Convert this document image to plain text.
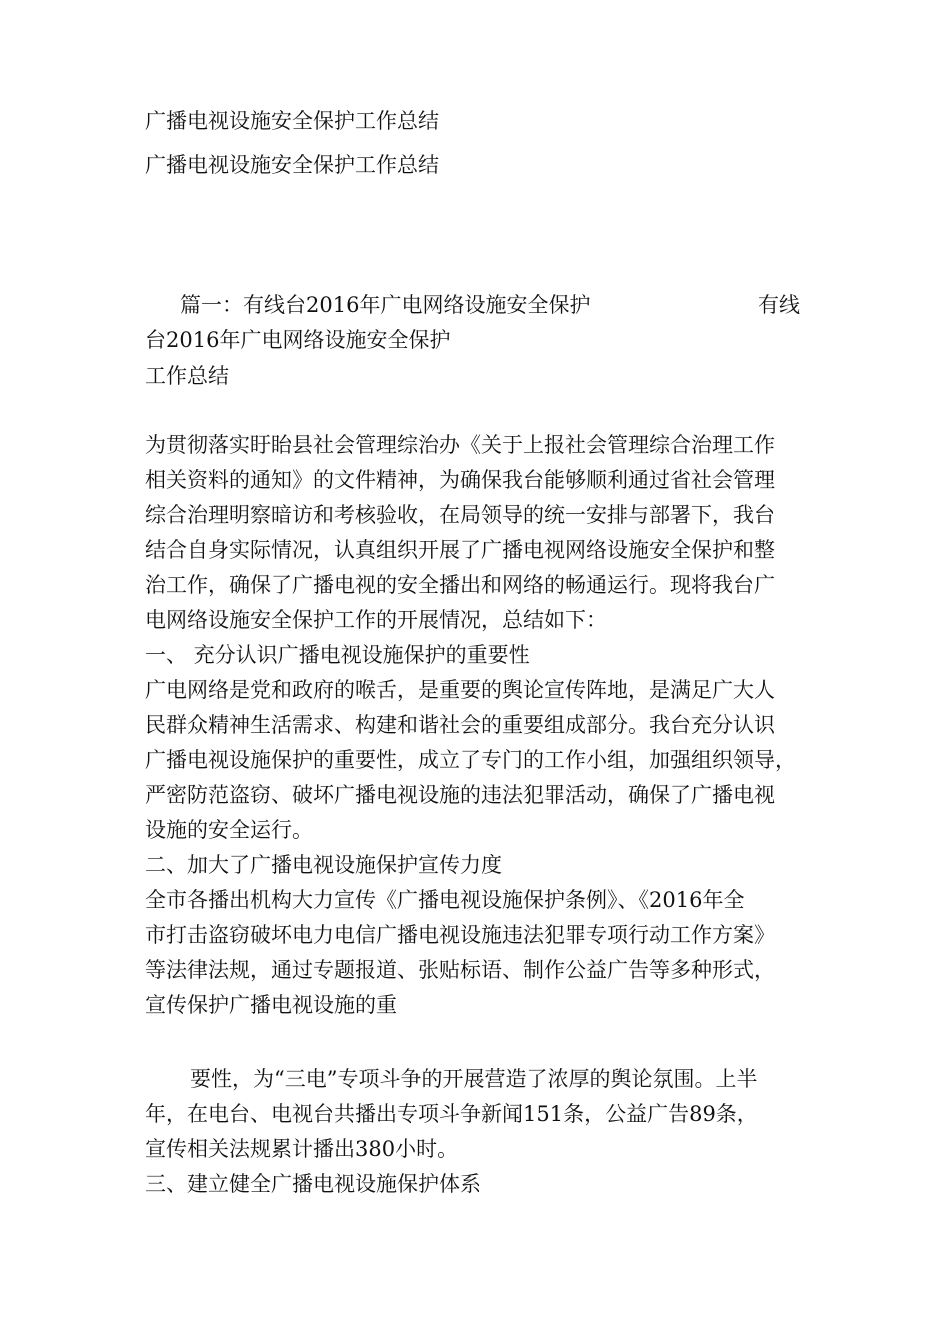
广播电视设施安全保护工作总结

广播电视设施安全保护工作总结

篇一：有线台2016年广电网络设施安全保护	有线

台2016年广电网络设施安全保护

工作总结

为贯彻落实盱眙县社会管理综治办《关于上报社会管理综合治理工作

相关资料的通知》的文件精神，为确保我台能够顺利通过省社会管理

综合治理明察暗访和考核验收，在局领导的统一安排与部署下，我台

结合自身实际情况，认真组织开展了广播电视网络设施安全保护和整

治工作，确保了广播电视的安全播出和网络的畅通运行。现将我台广

电网络设施安全保护工作的开展情况，总结如下：

一、 充分认识广播电视设施保护的重要性

广电网络是党和政府的喉舌，是重要的舆论宣传阵地，是满足广大人

民群众精神生活需求、构建和谐社会的重要组成部分。我台充分认识

广播电视设施保护的重要性，成立了专门的工作小组，加强组织领导，

严密防范盗窃、破坏广播电视设施的违法犯罪活动，确保了广播电视

设施的安全运行。

二、加大了广播电视设施保护宣传力度

全市各播出机构大力宣传《广播电视设施保护条例》、《2016年全

市打击盗窃破坏电力电信广播电视设施违法犯罪专项行动工作方案》

等法律法规，通过专题报道、张贴标语、制作公益广告等多种形式，

宣传保护广播电视设施的重

要性，为“三电”专项斗争的开展营造了浓厚的舆论氛围。上半

年，在电台、电视台共播出专项斗争新闻151条，公益广告89条，

宣传相关法规累计播出380小时。

三、建立健全广播电视设施保护体系
